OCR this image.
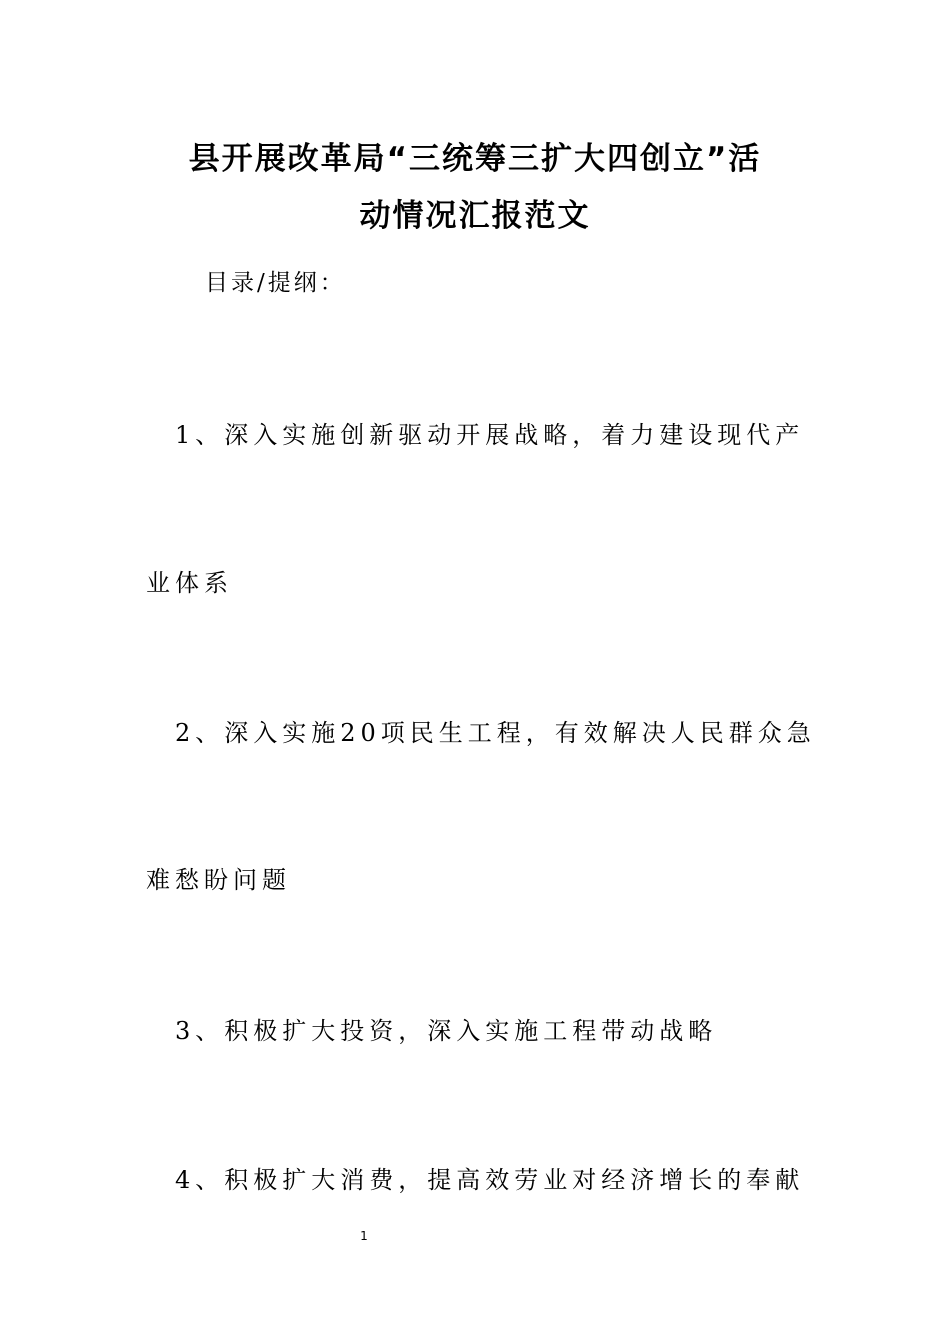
县开展改革局“三统筹三扩大四创立”活
动情况汇报范文
目录/提纲：
1、深入实施创新驱动开展战略，着力建设现代产
业体系
2、深入实施20项民生工程，有效解决人民群众急
难愁盼问题
3、积极扩大投资，深入实施工程带动战略
4、积极扩大消费，提高效劳业对经济增长的奉献
1
